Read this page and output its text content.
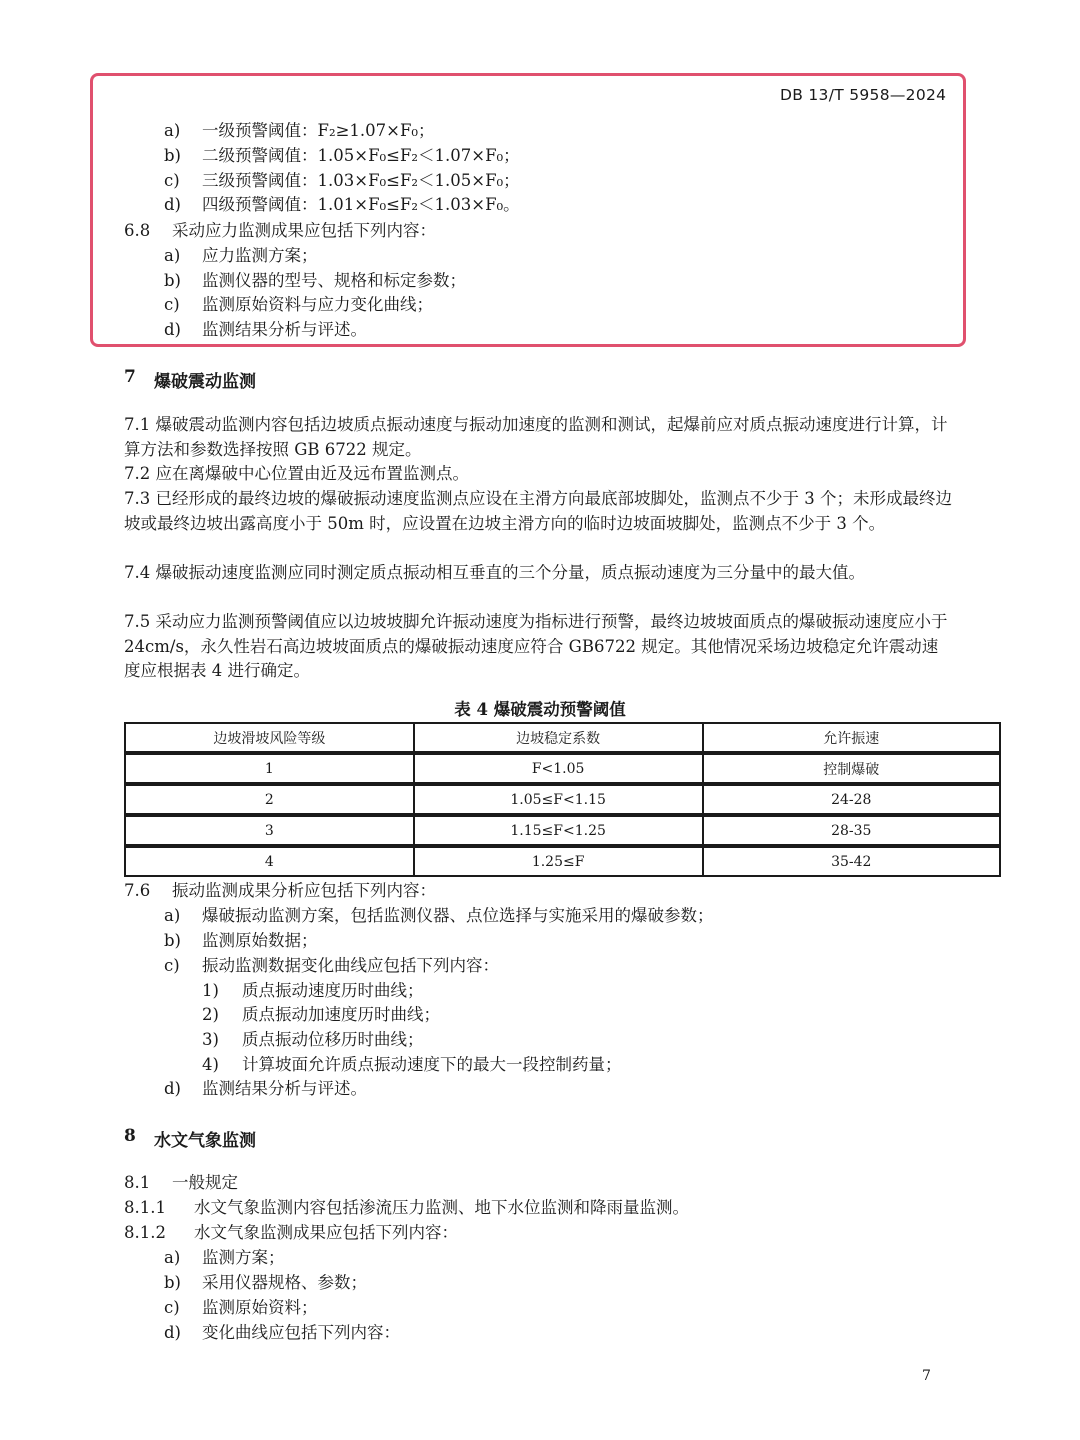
DB 13/T 5958—2024
a) 一级预警阈值：F₂≥1.07×F₀；
b) 二级预警阈值：1.05×F₀≤F₂＜1.07×F₀；
c) 三级预警阈值：1.03×F₀≤F₂＜1.05×F₀；
d) 四级预警阈值：1.01×F₀≤F₂＜1.03×F₀。
6.8 采动应力监测成果应包括下列内容：
a) 应力监测方案；
b) 监测仪器的型号、规格和标定参数；
c) 监测原始资料与应力变化曲线；
d) 监测结果分析与评述。
7 爆破震动监测
7.1 爆破震动监测内容包括边坡质点振动速度与振动加速度的监测和测试，起爆前应对质点振动速度进行计算，计算方法和参数选择按照 GB 6722 规定。
7.2 应在离爆破中心位置由近及远布置监测点。
7.3 已经形成的最终边坡的爆破振动速度监测点应设在主滑方向最底部坡脚处，监测点不少于 3 个；未形成最终边坡或最终边坡出露高度小于 50m 时，应设置在边坡主滑方向的临时边坡面坡脚处，监测点不少于 3 个。
7.4 爆破振动速度监测应同时测定质点振动相互垂直的三个分量，质点振动速度为三分量中的最大值。
7.5 采动应力监测预警阈值应以边坡坡脚允许振动速度为指标进行预警，最终边坡坡面质点的爆破振动速度应小于 24cm/s，永久性岩石高边坡坡面质点的爆破振动速度应符合 GB6722 规定。其他情况采场边坡稳定允许震动速度应根据表 4 进行确定。
表 4 爆破震动预警阈值
边坡滑坡风险等级	边坡稳定系数	允许振速
1	F<1.05	控制爆破
2	1.05≤F<1.15	24-28
3	1.15≤F<1.25	28-35
4	1.25≤F	35-42
7.6 振动监测成果分析应包括下列内容：
a) 爆破振动监测方案，包括监测仪器、点位选择与实施采用的爆破参数；
b) 监测原始数据；
c) 振动监测数据变化曲线应包括下列内容：
1) 质点振动速度历时曲线；
2) 质点振动加速度历时曲线；
3) 质点振动位移历时曲线；
4) 计算坡面允许质点振动速度下的最大一段控制药量；
d) 监测结果分析与评述。
8 水文气象监测
8.1 一般规定
8.1.1 水文气象监测内容包括渗流压力监测、地下水位监测和降雨量监测。
8.1.2 水文气象监测成果应包括下列内容：
a) 监测方案；
b) 采用仪器规格、参数；
c) 监测原始资料；
d) 变化曲线应包括下列内容：
7
